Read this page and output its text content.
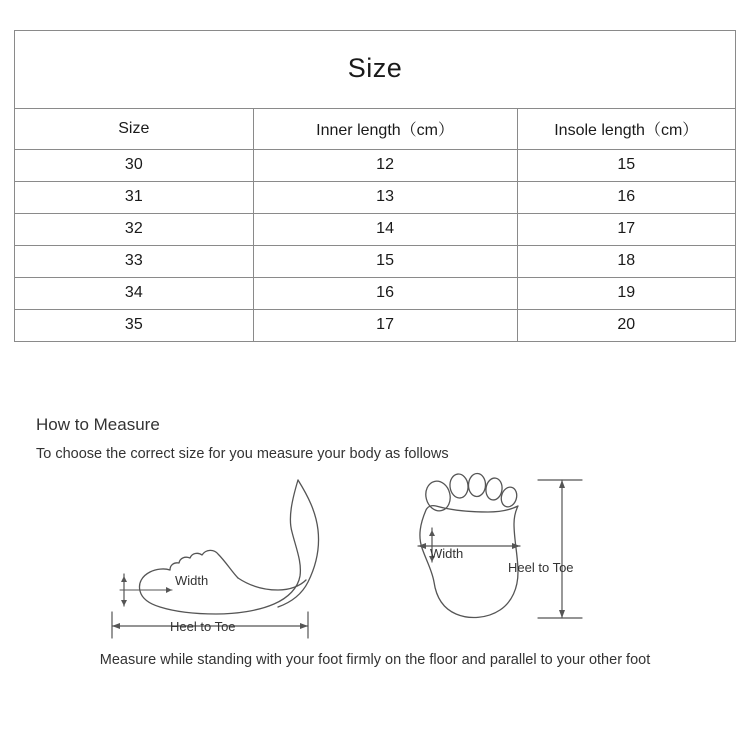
Size		
Size	Inner length（cm）	Insole length（cm）
30	12	15
31	13	16
32	14	17
33	15	18
34	16	19
35	17	20
How to Measure
To choose the correct size for you measure your body as follows
Width
Heel to Toe
Width
Heel to Toe
Measure while standing with your foot firmly on the floor and parallel to your other foot
